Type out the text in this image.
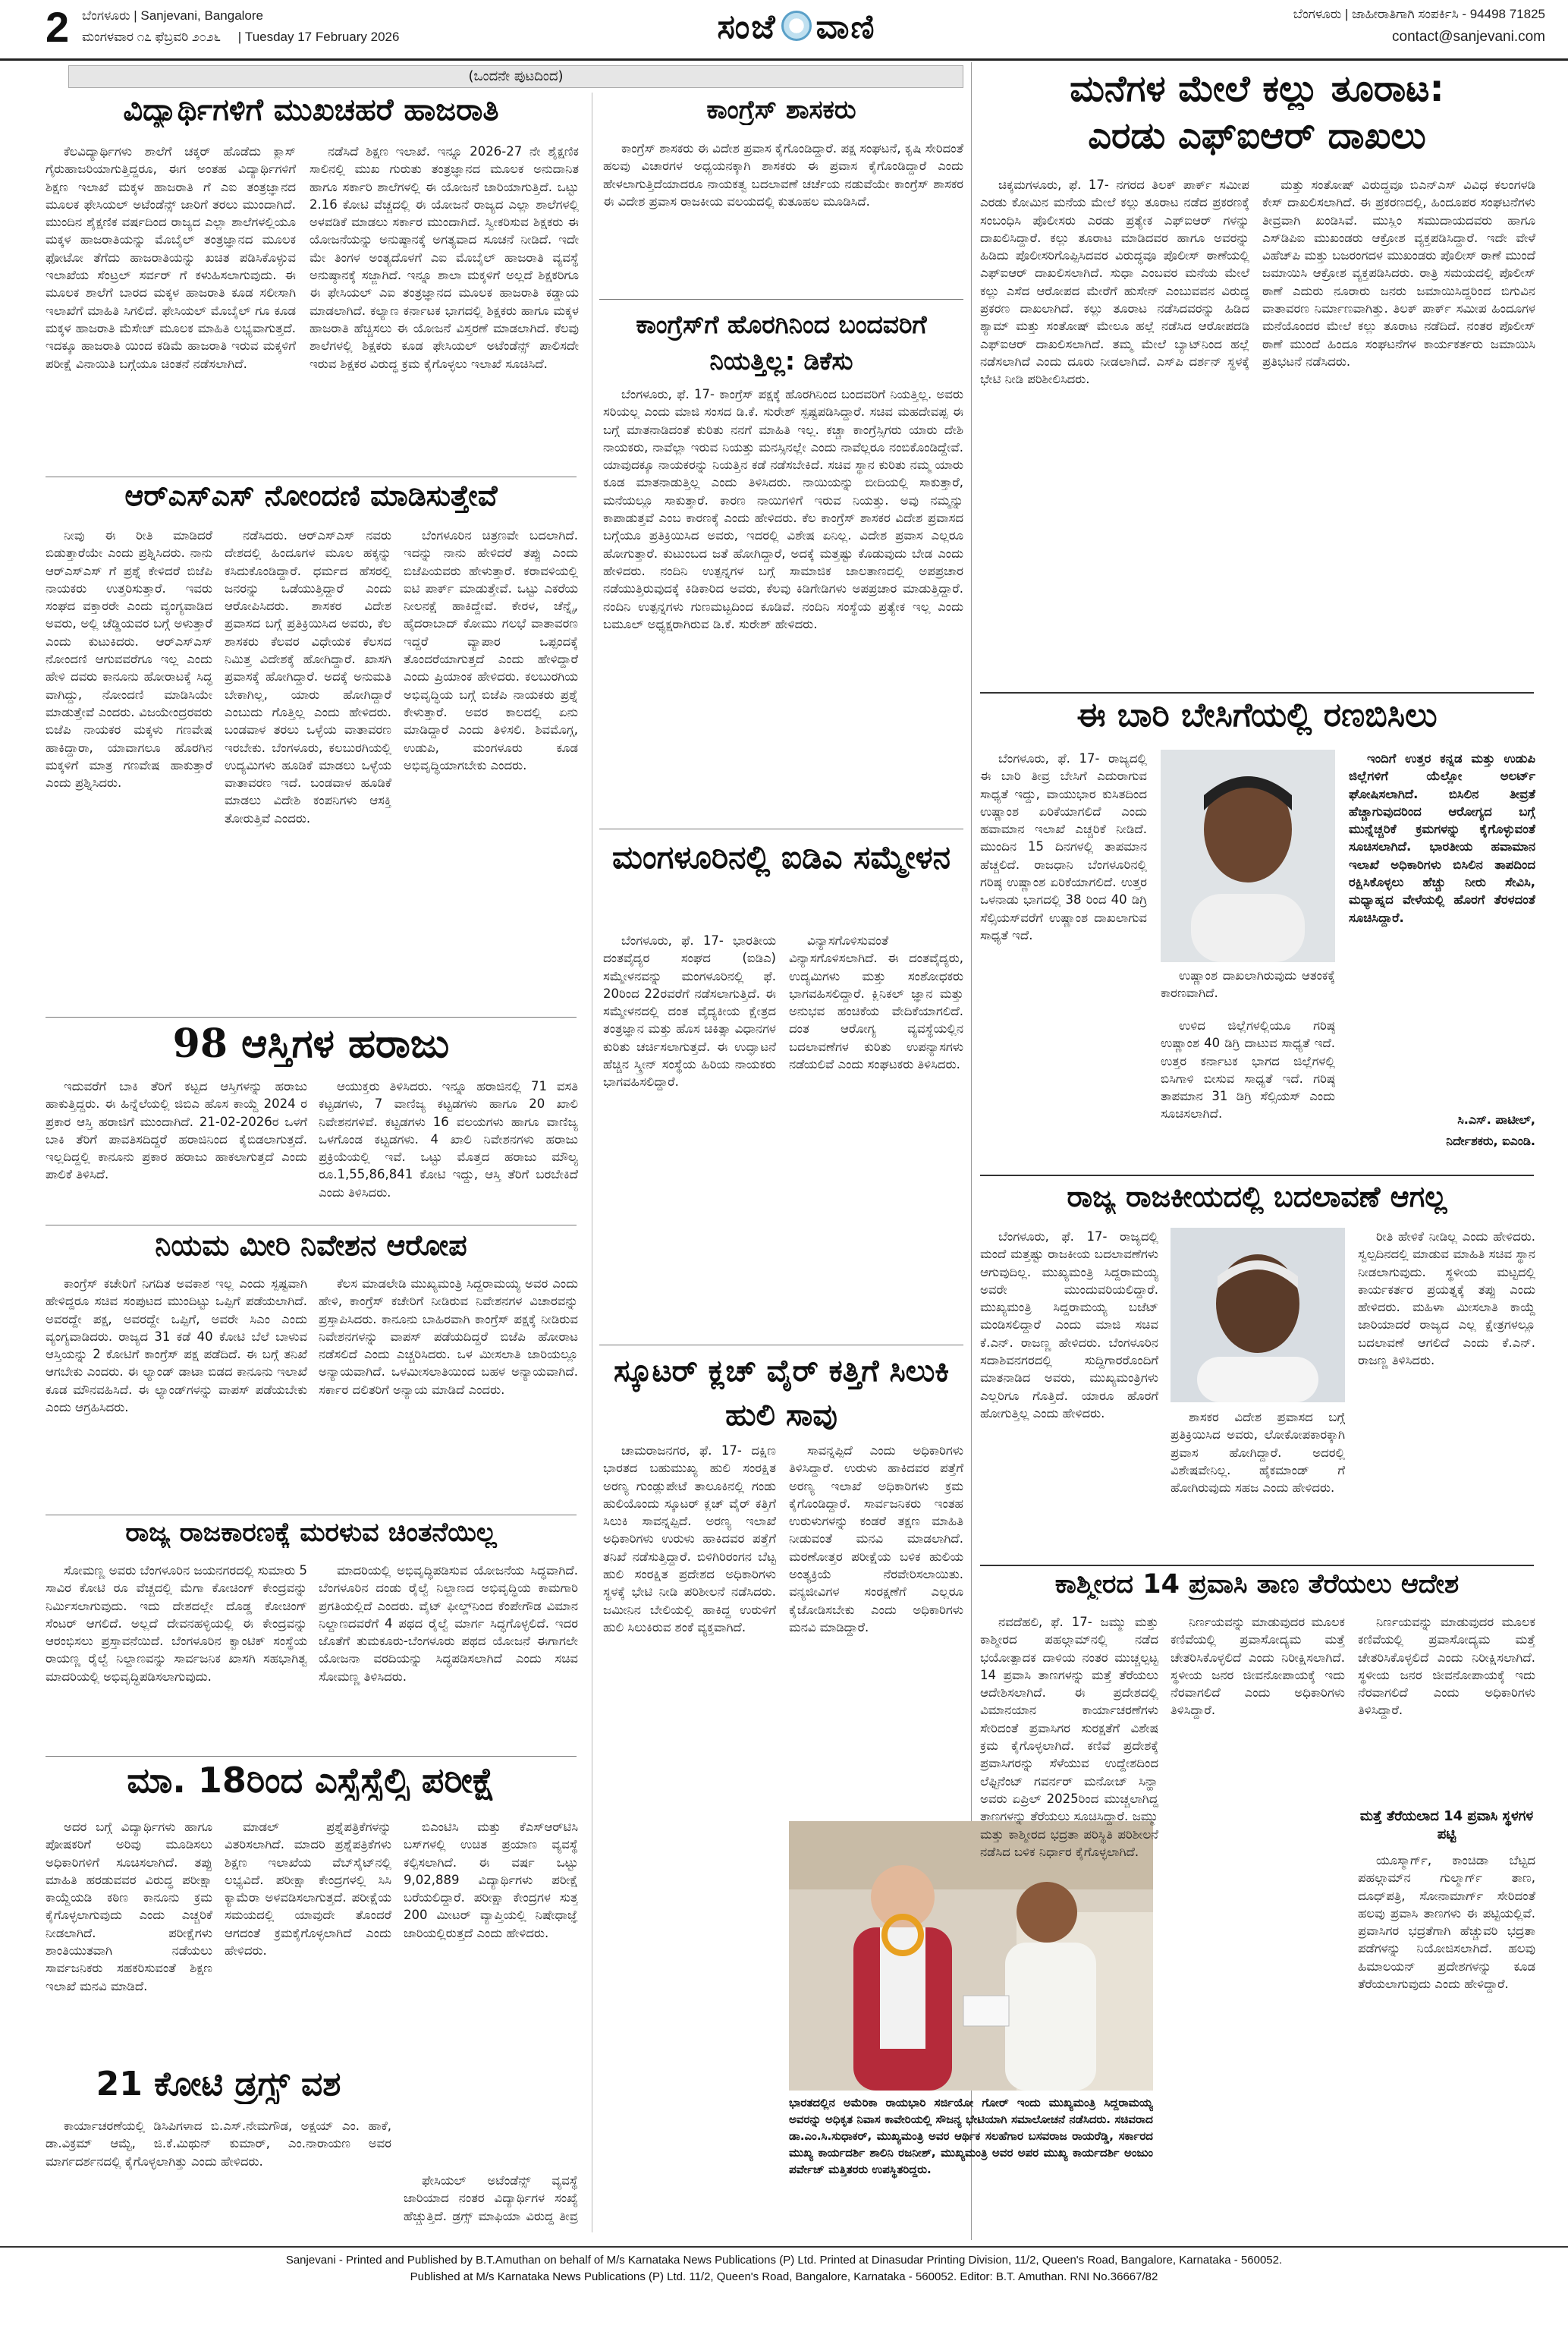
2 ಬೆಂಗಳೂರು | Sanjevani, Bangalore
ಮಂಗಳವಾರ ೧೭ ಫೆಬ್ರವರಿ ೨೦೨೬ | Tuesday 17 February 2026	ಸಂಜೆ ವಾಣಿ	ಬೆಂಗಳೂರು | ಜಾಹೀರಾತಿಗಾಗಿ ಸಂಪರ್ಕಿಸಿ - 94498 71825
contact@sanjevani.com
(ಒಂದನೇ ಪುಟದಿಂದ)
ವಿದ್ಯಾರ್ಥಿಗಳಿಗೆ ಮುಖಚಹರೆ ಹಾಜರಾತಿ

ಕೆಲವಿದ್ಯಾರ್ಥಿಗಳು ಶಾಲೆಗೆ ಚಕ್ಕರ್ ಹೊಡೆದು ಕ್ಲಾಸ್ ಗೈರುಹಾಜರಿಯಾಗುತ್ತಿದ್ದರೂ, ಈಗ ಅಂತಹ ವಿದ್ಯಾರ್ಥಿಗಳಿಗೆ ಶಿಕ್ಷಣ ಇಲಾಖೆ ಮಕ್ಕಳ ಹಾಜರಾತಿ ಗೆ ಎಐ ತಂತ್ರಜ್ಞಾನದ ಮೂಲಕ ಫೇಸಿಯಲ್ ಅಟೆಂಡೆನ್ಸ್ ಜಾರಿಗೆ ತರಲು ಮುಂದಾಗಿದೆ. ಮುಂದಿನ ಶೈಕ್ಷಣಿಕ ವರ್ಷದಿಂದ ರಾಜ್ಯದ ಎಲ್ಲಾ ಶಾಲೆಗಳಲ್ಲಿಯೂ ಮಕ್ಕಳ ಹಾಜರಾತಿಯನ್ನು ಮೊಬೈಲ್ ತಂತ್ರಜ್ಞಾನದ ಮೂಲಕ ಫೋಟೋ ತೆಗೆದು ಹಾಜರಾತಿಯನ್ನು ಖಚಿತ ಪಡಿಸಿಕೊಳ್ಳುವ ಇಲಾಖೆಯ ಸೆಂಟ್ರಲ್ ಸರ್ವರ್ ಗೆ ಕಳುಹಿಸಲಾಗುವುದು. ಈ ಮೂಲಕ ಶಾಲೆಗೆ ಬಾರದ ಮಕ್ಕಳ ಹಾಜರಾತಿ ಕೂಡ ಸಲೀಸಾಗಿ ಇಲಾಖೆಗೆ ಮಾಹಿತಿ ಸಿಗಲಿದೆ. ಫೇಸಿಯಲ್ ಮೊಬೈಲ್ ಗೂ ಕೂಡ ಮಕ್ಕಳ ಹಾಜರಾತಿ ಮೆಸೇಜ್ ಮೂಲಕ ಮಾಹಿತಿ ಲಭ್ಯವಾಗುತ್ತದೆ. ಇದಕ್ಕೂ ಹಾಜರಾತಿ ಯಿಂದ ಕಡಿಮೆ ಹಾಜರಾತಿ ಇರುವ ಮಕ್ಕಳಿಗೆ ಪರೀಕ್ಷೆ ವಿನಾಯಿತಿ ಬಗ್ಗೆಯೂ ಚಿಂತನೆ ನಡೆಸಲಾಗಿದೆ.

ನಡೆಸಿದೆ ಶಿಕ್ಷಣ ಇಲಾಖೆ. ಇನ್ನೂ 2026-27 ನೇ ಶೈಕ್ಷಣಿಕ ಸಾಲಿನಲ್ಲಿ ಮುಖ ಗುರುತು ತಂತ್ರಜ್ಞಾನದ ಮೂಲಕ ಅನುದಾನಿತ ಹಾಗೂ ಸರ್ಕಾರಿ ಶಾಲೆಗಳಲ್ಲಿ ಈ ಯೋಜನೆ ಜಾರಿಯಾಗುತ್ತಿದೆ. ಒಟ್ಟು 2.16 ಕೋಟಿ ವೆಚ್ಚದಲ್ಲಿ ಈ ಯೋಜನೆ ರಾಜ್ಯದ ಎಲ್ಲಾ ಶಾಲೆಗಳಲ್ಲಿ ಅಳವಡಿಕೆ ಮಾಡಲು ಸರ್ಕಾರ ಮುಂದಾಗಿದೆ. ಸ್ವೀಕರಿಸುವ ಶಿಕ್ಷಕರು ಈ ಯೋಜನೆಯನ್ನು ಅನುಷ್ಠಾನಕ್ಕೆ ಅಗತ್ಯವಾದ ಸೂಚನೆ ನೀಡಿದೆ. ಇದೇ ಮೇ ತಿಂಗಳ ಅಂತ್ಯದೊಳಗೆ ಎಐ ಮೊಬೈಲ್ ಹಾಜರಾತಿ ವ್ಯವಸ್ಥೆ ಅನುಷ್ಠಾನಕ್ಕೆ ಸಜ್ಜಾಗಿದೆ. ಇನ್ನೂ ಶಾಲಾ ಮಕ್ಕಳಿಗೆ ಅಲ್ಲದೆ ಶಿಕ್ಷಕರಿಗೂ ಈ ಫೇಸಿಯಲ್ ಎಐ ತಂತ್ರಜ್ಞಾನದ ಮೂಲಕ ಹಾಜರಾತಿ ಕಡ್ಡಾಯ ಮಾಡಲಾಗಿದೆ. ಕಲ್ಯಾಣ ಕರ್ನಾಟಕ ಭಾಗದಲ್ಲಿ ಶಿಕ್ಷಕರು ಹಾಗೂ ಮಕ್ಕಳ ಹಾಜರಾತಿ ಹೆಚ್ಚಿಸಲು ಈ ಯೋಜನೆ ವಿಸ್ತರಣೆ ಮಾಡಲಾಗಿದೆ. ಕೆಲವು ಶಾಲೆಗಳಲ್ಲಿ ಶಿಕ್ಷಕರು ಕೂಡ ಫೇಸಿಯಲ್ ಅಟೆಂಡೆನ್ಸ್ ಪಾಲಿಸದೇ ಇರುವ ಶಿಕ್ಷಕರ ವಿರುದ್ಧ ಕ್ರಮ ಕೈಗೊಳ್ಳಲು ಇಲಾಖೆ ಸೂಚಿಸಿದೆ.

ಆರ್‌ಎಸ್‌ಎಸ್ ನೋಂದಣಿ ಮಾಡಿಸುತ್ತೇವೆ

ನೀವು ಈ ರೀತಿ ಮಾಡಿದರೆ ಬಿಡುತ್ತಾರೆಯೇ ಎಂದು ಪ್ರಶ್ನಿಸಿದರು. ನಾನು ಆರ್‌ಎಸ್‌ಎಸ್ ಗೆ ಪ್ರಶ್ನೆ ಕೇಳಿದರೆ ಬಿಜೆಪಿ ನಾಯಕರು ಉತ್ತರಿಸುತ್ತಾರೆ. ಇವರು ಸಂಘದ ವಕ್ತಾರರೇ ಎಂದು ವ್ಯಂಗ್ಯವಾಡಿದ ಅವರು, ಅಲ್ಲಿ ಚೆಡ್ಡಿಯವರ ಬಗ್ಗೆ ಅಳುತ್ತಾರೆ ಎಂದು ಕುಟುಕಿದರು. ಆರ್‌ಎಸ್‌ಎಸ್ ನೋಂದಣಿ ಆಗುವವರೆಗೂ ಇಲ್ಲ ಎಂದು ಹೇಳಿ ದವರು ಕಾನೂನು ಹೋರಾಟಕ್ಕೆ ಸಿದ್ಧ ವಾಗಿದ್ದು, ನೋಂದಣಿ ಮಾಡಿಸಿಯೇ ಮಾಡುತ್ತೇವೆ ಎಂದರು. ವಿಜಯೇಂದ್ರರವರು ಬಿಜೆಪಿ ನಾಯಕರ ಮಕ್ಕಳು ಗಣವೇಷ ಹಾಕಿದ್ದಾರಾ, ಯಾವಾಗಲೂ ಹೊರಗಿನ ಮಕ್ಕಳಿಗೆ ಮಾತ್ರ ಗಣವೇಷ ಹಾಕುತ್ತಾರೆ ಎಂದು ಪ್ರಶ್ನಿಸಿದರು.

ನಡೆಸಿದರು. ಆರ್‌ಎಸ್‌ಎಸ್ ನವರು ದೇಶದಲ್ಲಿ ಹಿಂದೂಗಳ ಮೂಲ ಹಕ್ಕನ್ನು ಕಸಿದುಕೊಂಡಿದ್ದಾರೆ. ಧರ್ಮದ ಹೆಸರಲ್ಲಿ ಜನರನ್ನು ಒಡೆಯುತ್ತಿದ್ದಾರೆ ಎಂದು ಆರೋಪಿಸಿದರು. ಶಾಸಕರ ವಿದೇಶ ಪ್ರವಾಸದ ಬಗ್ಗೆ ಪ್ರತಿಕ್ರಿಯಿಸಿದ ಅವರು, ಕೆಲ ಶಾಸಕರು ಕೆಲವರ ವಿಧೇಯಕ ಕೆಲಸದ ನಿಮಿತ್ತ ವಿದೇಶಕ್ಕೆ ಹೋಗಿದ್ದಾರೆ. ಖಾಸಗಿ ಪ್ರವಾಸಕ್ಕೆ ಹೋಗಿದ್ದಾರೆ. ಅದಕ್ಕೆ ಅನುಮತಿ ಬೇಕಾಗಿಲ್ಲ, ಯಾರು ಹೋಗಿದ್ದಾರೆ ಎಂಬುದು ಗೊತ್ತಿಲ್ಲ ಎಂದು ಹೇಳಿದರು. ಬಂಡವಾಳ ತರಲು ಒಳ್ಳೆಯ ವಾತಾವರಣ ಇರಬೇಕು. ಬೆಂಗಳೂರು, ಕಲಬುರಗಿಯಲ್ಲಿ ಉದ್ಯಮಿಗಳು ಹೂಡಿಕೆ ಮಾಡಲು ಒಳ್ಳೆಯ ವಾತಾವರಣ ಇದೆ. ಬಂಡವಾಳ ಹೂಡಿಕೆ ಮಾಡಲು ವಿದೇಶಿ ಕಂಪನಿಗಳು ಆಸಕ್ತಿ ತೋರುತ್ತಿವೆ ಎಂದರು.

ಬೆಂಗಳೂರಿನ ಚಿತ್ರಣವೇ ಬದಲಾಗಿದೆ. ಇದನ್ನು ನಾನು ಹೇಳಿದರೆ ತಪ್ಪು ಎಂದು ಬಿಜೆಪಿಯವರು ಹೇಳುತ್ತಾರೆ. ಕರಾವಳಿಯಲ್ಲಿ ಐಟಿ ಪಾರ್ಕ್ ಮಾಡುತ್ತೇವೆ. ಒಟ್ಟು ಎಕರೆಯ ನೀಲನಕ್ಷೆ ಹಾಕಿದ್ದೇವೆ. ಕೇರಳ, ಚೆನ್ನೈ, ಹೈದರಾಬಾದ್ ಕೋಮು ಗಲಭೆ ವಾತಾವರಣ ಇದ್ದರೆ ವ್ಯಾಪಾರ ಒಪ್ಪಂದಕ್ಕೆ ತೊಂದರೆಯಾಗುತ್ತದೆ ಎಂದು ಹೇಳಿದ್ದಾರೆ ಎಂದು ಪ್ರಿಯಾಂಕ ಹೇಳಿದರು. ಕಲಬುರಗಿಯ ಅಭಿವೃದ್ಧಿಯ ಬಗ್ಗೆ ಬಿಜೆಪಿ ನಾಯಕರು ಪ್ರಶ್ನೆ ಕೇಳುತ್ತಾರೆ. ಅವರ ಕಾಲದಲ್ಲಿ ಏನು ಮಾಡಿದ್ದಾರೆ ಎಂದು ತಿಳಿಸಲಿ. ಶಿವಮೊಗ್ಗ, ಉಡುಪಿ, ಮಂಗಳೂರು ಕೂಡ ಅಭಿವೃದ್ಧಿಯಾಗಬೇಕು ಎಂದರು.

98 ಆಸ್ತಿಗಳ ಹರಾಜು

ಇದುವರೆಗೆ ಬಾಕಿ ತೆರಿಗೆ ಕಟ್ಟದ ಆಸ್ತಿಗಳನ್ನು ಹರಾಜು ಹಾಕುತ್ತಿದ್ದರು. ಈ ಹಿನ್ನೆಲೆಯಲ್ಲಿ ಜಿಬಿಎ ಹೊಸ ಕಾಯ್ದೆ 2024 ರ ಪ್ರಕಾರ ಆಸ್ತಿ ಹರಾಜಿಗೆ ಮುಂದಾಗಿದೆ. 21-02-2026ರ ಒಳಗೆ ಬಾಕಿ ತೆರಿಗೆ ಪಾವತಿಸದಿದ್ದರೆ ಹರಾಜಿನಿಂದ ಕೈಬಿಡಲಾಗುತ್ತದೆ. ಇಲ್ಲದಿದ್ದಲ್ಲಿ ಕಾನೂನು ಪ್ರಕಾರ ಹರಾಜು ಹಾಕಲಾಗುತ್ತದೆ ಎಂದು ಪಾಲಿಕೆ ತಿಳಿಸಿದೆ.

ಆಯುಕ್ತರು ತಿಳಿಸಿದರು. ಇನ್ನೂ ಹರಾಜಿನಲ್ಲಿ 71 ವಸತಿ ಕಟ್ಟಡಗಳು, 7 ವಾಣಿಜ್ಯ ಕಟ್ಟಡಗಳು ಹಾಗೂ 20 ಖಾಲಿ ನಿವೇಶನಗಳಿವೆ. ಕಟ್ಟಡಗಳು 16 ವಲಯಗಳು ಹಾಗೂ ವಾಣಿಜ್ಯ ಒಳಗೊಂಡ ಕಟ್ಟಡಗಳು. 4 ಖಾಲಿ ನಿವೇಶನಗಳು ಹರಾಜು ಪ್ರಕ್ರಿಯೆಯಲ್ಲಿ ಇವೆ. ಒಟ್ಟು ಮೊತ್ತದ ಹರಾಜು ಮೌಲ್ಯ ರೂ.1,55,86,841 ಕೋಟಿ ಇದ್ದು, ಆಸ್ತಿ ತೆರಿಗೆ ಬರಬೇಕಿದೆ ಎಂದು ತಿಳಿಸಿದರು.

ನಿಯಮ ಮೀರಿ ನಿವೇಶನ ಆರೋಪ

ಕಾಂಗ್ರೆಸ್ ಕಚೇರಿಗೆ ನಿಗದಿತ ಅವಕಾಶ ಇಲ್ಲ ಎಂದು ಸ್ಪಷ್ಟವಾಗಿ ಹೇಳಿದ್ದರೂ ಸಚಿವ ಸಂಪುಟದ ಮುಂದಿಟ್ಟು ಒಪ್ಪಿಗೆ ಪಡೆಯಲಾಗಿದೆ. ಅವರದ್ದೇ ಪಕ್ಷ, ಅವರದ್ದೇ ಒಪ್ಪಿಗೆ, ಅವರೇ ಸಿಎಂ ಎಂದು ವ್ಯಂಗ್ಯವಾಡಿದರು. ರಾಜ್ಯದ 31 ಕಡೆ 40 ಕೋಟಿ ಬೆಲೆ ಬಾಳುವ ಆಸ್ತಿಯನ್ನು 2 ಕೋಟಿಗೆ ಕಾಂಗ್ರೆಸ್ ಪಕ್ಷ ಪಡೆದಿದೆ. ಈ ಬಗ್ಗೆ ತನಿಖೆ ಆಗಬೇಕು ಎಂದರು. ಈ ಲ್ಯಾಂಡ್ ಡಾಟಾ ಬಿಡದ ಕಾನೂನು ಇಲಾಖೆ ಕೂಡ ಮೌನವಹಿಸಿದೆ. ಈ ಲ್ಯಾಂಡ್‌ಗಳನ್ನು ವಾಪಸ್ ಪಡೆಯಬೇಕು ಎಂದು ಆಗ್ರಹಿಸಿದರು.

ಕೆಲಸ ಮಾಡಲೇಡಿ ಮುಖ್ಯಮಂತ್ರಿ ಸಿದ್ದರಾಮಯ್ಯ ಅವರ ಎಂದು ಹೇಳಿ, ಕಾಂಗ್ರೆಸ್ ಕಚೇರಿಗೆ ನೀಡಿರುವ ನಿವೇಶನಗಳ ವಿಚಾರವನ್ನು ಪ್ರಸ್ತಾಪಿಸಿದರು. ಕಾನೂನು ಬಾಹಿರವಾಗಿ ಕಾಂಗ್ರೆಸ್ ಪಕ್ಷಕ್ಕೆ ನೀಡಿರುವ ನಿವೇಶನಗಳನ್ನು ವಾಪಸ್ ಪಡೆಯದಿದ್ದರೆ ಬಿಜೆಪಿ ಹೋರಾಟ ನಡೆಸಲಿದೆ ಎಂದು ಎಚ್ಚರಿಸಿದರು. ಒಳ ಮೀಸಲಾತಿ ಜಾರಿಯಲ್ಲೂ ಅನ್ಯಾಯವಾಗಿದೆ. ಒಳಮೀಸಲಾತಿಯಿಂದ ಬಹಳ ಅನ್ಯಾಯವಾಗಿದೆ. ಸರ್ಕಾರ ದಲಿತರಿಗೆ ಅನ್ಯಾಯ ಮಾಡಿದೆ ಎಂದರು.

ರಾಜ್ಯ ರಾಜಕಾರಣಕ್ಕೆ ಮರಳುವ ಚಿಂತನೆಯಿಲ್ಲ

ಸೋಮಣ್ಣ ಅವರು ಬೆಂಗಳೂರಿನ ಜಯನಗರದಲ್ಲಿ ಸುಮಾರು 5 ಸಾವಿರ ಕೋಟಿ ರೂ ವೆಚ್ಚದಲ್ಲಿ ಮೆಗಾ ಕೋಚಿಂಗ್ ಕೇಂದ್ರವನ್ನು ನಿರ್ಮಿಸಲಾಗುವುದು. ಇದು ದೇಶದಲ್ಲೇ ದೊಡ್ಡ ಕೋಚಿಂಗ್ ಸೆಂಟರ್ ಆಗಲಿದೆ. ಅಲ್ಲದೆ ದೇವನಹಳ್ಳಿಯಲ್ಲಿ ಈ ಕೇಂದ್ರವನ್ನು ಆರಂಭಿಸಲು ಪ್ರಸ್ತಾವನೆಯಿದೆ. ಬೆಂಗಳೂರಿನ ಕ್ವಾಂಟಿಕ್ ಸಂಸ್ಥೆಯ ರಾಯಣ್ಣ ರೈಲ್ವೆ ನಿಲ್ದಾಣವನ್ನು ಸಾರ್ವಜನಿಕ ಖಾಸಗಿ ಸಹಭಾಗಿತ್ವ ಮಾದರಿಯಲ್ಲಿ ಅಭಿವೃದ್ಧಿಪಡಿಸಲಾಗುವುದು.

ಮಾದರಿಯಲ್ಲಿ ಅಭಿವೃದ್ಧಿಪಡಿಸುವ ಯೋಜನೆಯ ಸಿದ್ಧವಾಗಿದೆ. ಬೆಂಗಳೂರಿನ ದಂಡು ರೈಲ್ವೆ ನಿಲ್ದಾಣದ ಅಭಿವೃದ್ಧಿಯ ಕಾಮಗಾರಿ ಪ್ರಗತಿಯಲ್ಲಿದೆ ಎಂದರು. ವೈಟ್ ಫೀಲ್ಡ್‌ನಿಂದ ಕೆಂಪೇಗೌಡ ವಿಮಾನ ನಿಲ್ದಾಣದವರೆಗೆ 4 ಪಥದ ರೈಲ್ವೆ ಮಾರ್ಗ ಸಿದ್ಧಗೊಳ್ಳಲಿದೆ. ಇದರ ಜೊತೆಗೆ ತುಮಕೂರು-ಬೆಂಗಳೂರು ಪಥದ ಯೋಜನೆ ಈಗಾಗಲೇ ಯೋಜನಾ ವರದಿಯನ್ನು ಸಿದ್ಧಪಡಿಸಲಾಗಿದೆ ಎಂದು ಸಚಿವ ಸೋಮಣ್ಣ ತಿಳಿಸಿದರು.

ಮಾ. 18ರಿಂದ ಎಸ್ಸೆಸ್ಸೆಲ್ಸಿ ಪರೀಕ್ಷೆ

ಅದರ ಬಗ್ಗೆ ವಿದ್ಯಾರ್ಥಿಗಳು ಹಾಗೂ ಪೋಷಕರಿಗೆ ಅರಿವು ಮೂಡಿಸಲು ಅಧಿಕಾರಿಗಳಿಗೆ ಸೂಚಿಸಲಾಗಿದೆ. ತಪ್ಪು ಮಾಹಿತಿ ಹರಡುವವರ ವಿರುದ್ಧ ಪರೀಕ್ಷಾ ಕಾಯ್ದೆಯಡಿ ಕಠಿಣ ಕಾನೂನು ಕ್ರಮ ಕೈಗೊಳ್ಳಲಾಗುವುದು ಎಂದು ಎಚ್ಚರಿಕೆ ನೀಡಲಾಗಿದೆ. ಪರೀಕ್ಷೆಗಳು ಶಾಂತಿಯುತವಾಗಿ ನಡೆಯಲು ಸಾರ್ವಜನಿಕರು ಸಹಕರಿಸುವಂತೆ ಶಿಕ್ಷಣ ಇಲಾಖೆ ಮನವಿ ಮಾಡಿದೆ.

ಮಾಡಲ್ ಪ್ರಶ್ನೆಪತ್ರಿಕೆಗಳನ್ನು ವಿತರಿಸಲಾಗಿದೆ. ಮಾದರಿ ಪ್ರಶ್ನೆಪತ್ರಿಕೆಗಳು ಶಿಕ್ಷಣ ಇಲಾಖೆಯ ವೆಬ್‌ಸೈಟ್‌ನಲ್ಲಿ ಲಭ್ಯವಿದೆ. ಪರೀಕ್ಷಾ ಕೇಂದ್ರಗಳಲ್ಲಿ ಸಿಸಿ ಕ್ಯಾಮೆರಾ ಅಳವಡಿಸಲಾಗುತ್ತದೆ. ಪರೀಕ್ಷೆಯ ಸಮಯದಲ್ಲಿ ಯಾವುದೇ ತೊಂದರೆ ಆಗದಂತೆ ಕ್ರಮಕೈಗೊಳ್ಳಲಾಗಿದೆ ಎಂದು ಹೇಳಿದರು.

ಬಿಎಂಟಿಸಿ ಮತ್ತು ಕೆಎಸ್ಆರ್‌ಟಿಸಿ ಬಸ್‌ಗಳಲ್ಲಿ ಉಚಿತ ಪ್ರಯಾಣ ವ್ಯವಸ್ಥೆ ಕಲ್ಪಿಸಲಾಗಿದೆ. ಈ ವರ್ಷ ಒಟ್ಟು 9,02,889 ವಿದ್ಯಾರ್ಥಿಗಳು ಪರೀಕ್ಷೆ ಬರೆಯಲಿದ್ದಾರೆ. ಪರೀಕ್ಷಾ ಕೇಂದ್ರಗಳ ಸುತ್ತ 200 ಮೀಟರ್ ವ್ಯಾಪ್ತಿಯಲ್ಲಿ ನಿಷೇಧಾಜ್ಞೆ ಜಾರಿಯಲ್ಲಿರುತ್ತದೆ ಎಂದು ಹೇಳಿದರು.

21 ಕೋಟಿ ಡ್ರಗ್ಸ್ ವಶ

ಕಾರ್ಯಾಚರಣೆಯಲ್ಲಿ ಡಿಸಿಪಿಗಳಾದ ಬಿ.ಎಸ್.ನೇಮಗೌಡ, ಅಕ್ಷಯ್ ಎಂ. ಹಾಕೆ, ಡಾ.ವಿಕ್ರಮ್ ಆಮ್ಟೆ, ಜಿ.ಕೆ.ಮಿಥುನ್ ಕುಮಾರ್, ಎಂ.ನಾರಾಯಣ ಅವರ ಮಾರ್ಗದರ್ಶನದಲ್ಲಿ ಕೈಗೊಳ್ಳಲಾಗಿತ್ತು ಎಂದು ಹೇಳಿದರು.

ಫೇಸಿಯಲ್ ಅಟೆಂಡೆನ್ಸ್ ವ್ಯವಸ್ಥೆ ಜಾರಿಯಾದ ನಂತರ ವಿದ್ಯಾರ್ಥಿಗಳ ಸಂಖ್ಯೆ ಹೆಚ್ಚುತ್ತಿದೆ. ಡ್ರಗ್ಸ್ ಮಾಫಿಯಾ ವಿರುದ್ಧ ತೀವ್ರ

ಕಾಂಗ್ರೆಸ್ ಶಾಸಕರು

ಕಾಂಗ್ರೆಸ್ ಶಾಸಕರು ಈ ವಿದೇಶ ಪ್ರವಾಸ ಕೈಗೊಂಡಿದ್ದಾರೆ. ಪಕ್ಷ ಸಂಘಟನೆ, ಕೃಷಿ ಸೇರಿದಂತೆ ಹಲವು ವಿಚಾರಗಳ ಅಧ್ಯಯನಕ್ಕಾಗಿ ಶಾಸಕರು ಈ ಪ್ರವಾಸ ಕೈಗೊಂಡಿದ್ದಾರೆ ಎಂದು ಹೇಳಲಾಗುತ್ತಿದೆಯಾದರೂ ನಾಯಕತ್ವ ಬದಲಾವಣೆ ಚರ್ಚೆಯ ನಡುವೆಯೇ ಕಾಂಗ್ರೆಸ್ ಶಾಸಕರ ಈ ವಿದೇಶ ಪ್ರವಾಸ ರಾಜಕೀಯ ವಲಯದಲ್ಲಿ ಕುತೂಹಲ ಮೂಡಿಸಿದೆ.

ಕಾಂಗ್ರೆಸ್‌ಗೆ ಹೊರಗಿನಿಂದ ಬಂದವರಿಗೆ ನಿಯತ್ತಿಲ್ಲ: ಡಿಕೆಸು

ಬೆಂಗಳೂರು, ಫೆ. 17- ಕಾಂಗ್ರೆಸ್ ಪಕ್ಷಕ್ಕೆ ಹೊರಗಿನಿಂದ ಬಂದವರಿಗೆ ನಿಯತ್ತಿಲ್ಲ. ಅವರು ಸರಿಯಲ್ಲ ಎಂದು ಮಾಜಿ ಸಂಸದ ಡಿ.ಕೆ. ಸುರೇಶ್ ಸ್ಪಷ್ಟಪಡಿಸಿದ್ದಾರೆ. ಸಚಿವ ಮಹದೇವಪ್ಪ ಈ ಬಗ್ಗೆ ಮಾತನಾಡಿದಂತೆ ಕುರಿತು ನನಗೆ ಮಾಹಿತಿ ಇಲ್ಲ. ಕಚ್ಚಾ ಕಾಂಗ್ರೆಸ್ಸಿಗರು ಯಾರು ದೇಶಿ ನಾಯಕರು, ನಾವೆಲ್ಲಾ ಇರುವ ನಿಯತ್ತು ಮನಸ್ಸಿನಲ್ಲೇ ಎಂದು ನಾವೆಲ್ಲರೂ ನಂಬಿಕೊಂಡಿದ್ದೇವೆ. ಯಾವುದಕ್ಕೂ ನಾಯಕರನ್ನು ನಿಯತ್ತಿನ ಕಡೆ ನಡೆಸಬೇಕಿದೆ. ಸಚಿವ ಸ್ಥಾನ ಕುರಿತು ನಮ್ಮ ಯಾರು ಕೂಡ ಮಾತನಾಡುತ್ತಿಲ್ಲ ಎಂದು ತಿಳಿಸಿದರು. ನಾಯಿಯನ್ನು ಬೀದಿಯಲ್ಲಿ ಸಾಕುತ್ತಾರೆ, ಮನೆಯಲ್ಲೂ ಸಾಕುತ್ತಾರೆ. ಕಾರಣ ನಾಯಿಗಳಿಗೆ ಇರುವ ನಿಯತ್ತು. ಅವು ನಮ್ಮನ್ನು ಕಾಪಾಡುತ್ತವೆ ಎಂಬ ಕಾರಣಕ್ಕೆ ಎಂದು ಹೇಳಿದರು. ಕೆಲ ಕಾಂಗ್ರೆಸ್ ಶಾಸಕರ ವಿದೇಶ ಪ್ರವಾಸದ ಬಗ್ಗೆಯೂ ಪ್ರತಿಕ್ರಿಯಿಸಿದ ಅವರು, ಇದರಲ್ಲಿ ವಿಶೇಷ ಏನಿಲ್ಲ. ವಿದೇಶ ಪ್ರವಾಸ ಎಲ್ಲರೂ ಹೋಗುತ್ತಾರೆ. ಕುಟುಂಬದ ಜತೆ ಹೋಗಿದ್ದಾರೆ, ಅದಕ್ಕೆ ಮತ್ತಷ್ಟು ಕೊಡುವುದು ಬೇಡ ಎಂದು ಹೇಳಿದರು. ನಂದಿನಿ ಉತ್ಪನ್ನಗಳ ಬಗ್ಗೆ ಸಾಮಾಜಿಕ ಜಾಲತಾಣದಲ್ಲಿ ಅಪಪ್ರಚಾರ ನಡೆಯುತ್ತಿರುವುದಕ್ಕೆ ಕಿಡಿಕಾರಿದ ಅವರು, ಕೆಲವು ಕಿಡಿಗೇಡಿಗಳು ಅಪಪ್ರಚಾರ ಮಾಡುತ್ತಿದ್ದಾರೆ. ನಂದಿನಿ ಉತ್ಪನ್ನಗಳು ಗುಣಮಟ್ಟದಿಂದ ಕೂಡಿವೆ. ನಂದಿನಿ ಸಂಸ್ಥೆಯ ಪ್ರತ್ಯೇಕ ಇಲ್ಲ ಎಂದು ಬಮೂಲ್ ಅಧ್ಯಕ್ಷರಾಗಿರುವ ಡಿ.ಕೆ. ಸುರೇಶ್ ಹೇಳಿದರು.

ಮಂಗಳೂರಿನಲ್ಲಿ ಐಡಿಎ ಸಮ್ಮೇಳನ

ಬೆಂಗಳೂರು, ಫೆ. 17- ಭಾರತೀಯ ದಂತವೈದ್ಯರ ಸಂಘದ (ಐಡಿಎ) ಸಮ್ಮೇಳನವನ್ನು ಮಂಗಳೂರಿನಲ್ಲಿ ಫೆ. 20ರಿಂದ 22ರವರೆಗೆ ನಡೆಸಲಾಗುತ್ತಿದೆ. ಈ ಸಮ್ಮೇಳನದಲ್ಲಿ ದಂತ ವೈದ್ಯಕೀಯ ಕ್ಷೇತ್ರದ ತಂತ್ರಜ್ಞಾನ ಮತ್ತು ಹೊಸ ಚಿಕಿತ್ಸಾ ವಿಧಾನಗಳ ಕುರಿತು ಚರ್ಚಿಸಲಾಗುತ್ತದೆ. ಈ ಉದ್ಘಾಟನೆ ಹೆಚ್ಚಿನ ಸ್ಕ್ರೀನ್ ಸಂಸ್ಥೆಯ ಹಿರಿಯ ನಾಯಕರು ಭಾಗವಹಿಸಲಿದ್ದಾರೆ.

ವಿನ್ಯಾಸಗೊಳಿಸುವಂತೆ ವಿನ್ಯಾಸಗೊಳಿಸಲಾಗಿದೆ. ಈ ದಂತವೈದ್ಯರು, ಉದ್ಯಮಿಗಳು ಮತ್ತು ಸಂಶೋಧಕರು ಭಾಗವಹಿಸಲಿದ್ದಾರೆ. ಕ್ಲಿನಿಕಲ್ ಜ್ಞಾನ ಮತ್ತು ಅನುಭವ ಹಂಚಿಕೆಯ ವೇದಿಕೆಯಾಗಲಿದೆ. ದಂತ ಆರೋಗ್ಯ ವ್ಯವಸ್ಥೆಯಲ್ಲಿನ ಬದಲಾವಣೆಗಳ ಕುರಿತು ಉಪನ್ಯಾಸಗಳು ನಡೆಯಲಿವೆ ಎಂದು ಸಂಘಟಕರು ತಿಳಿಸಿದರು.

ಸ್ಕೂಟರ್ ಕ್ಲಚ್ ವೈರ್ ಕತ್ತಿಗೆ ಸಿಲುಕಿ ಹುಲಿ ಸಾವು

ಚಾಮರಾಜನಗರ, ಫೆ. 17- ದಕ್ಷಿಣ ಭಾರತದ ಬಹುಮುಖ್ಯ ಹುಲಿ ಸಂರಕ್ಷಿತ ಅರಣ್ಯ ಗುಂಡ್ಲುಪೇಟೆ ತಾಲೂಕಿನಲ್ಲಿ ಗಂಡು ಹುಲಿಯೊಂದು ಸ್ಕೂಟರ್ ಕ್ಲಚ್ ವೈರ್ ಕತ್ತಿಗೆ ಸಿಲುಕಿ ಸಾವನ್ನಪ್ಪಿದೆ. ಅರಣ್ಯ ಇಲಾಖೆ ಅಧಿಕಾರಿಗಳು ಉರುಳು ಹಾಕಿದವರ ಪತ್ತೆಗೆ ತನಿಖೆ ನಡೆಸುತ್ತಿದ್ದಾರೆ. ಬಿಳಿಗಿರಿರಂಗನ ಬೆಟ್ಟ ಹುಲಿ ಸಂರಕ್ಷಿತ ಪ್ರದೇಶದ ಅಧಿಕಾರಿಗಳು ಸ್ಥಳಕ್ಕೆ ಭೇಟಿ ನೀಡಿ ಪರಿಶೀಲನೆ ನಡೆಸಿದರು. ಜಮೀನಿನ ಬೇಲಿಯಲ್ಲಿ ಹಾಕಿದ್ದ ಉರುಳಿಗೆ ಹುಲಿ ಸಿಲುಕಿರುವ ಶಂಕೆ ವ್ಯಕ್ತವಾಗಿದೆ.

ಸಾವನ್ನಪ್ಪಿದೆ ಎಂದು ಅಧಿಕಾರಿಗಳು ತಿಳಿಸಿದ್ದಾರೆ. ಉರುಳು ಹಾಕಿದವರ ಪತ್ತೆಗೆ ಅರಣ್ಯ ಇಲಾಖೆ ಅಧಿಕಾರಿಗಳು ಕ್ರಮ ಕೈಗೊಂಡಿದ್ದಾರೆ. ಸಾರ್ವಜನಿಕರು ಇಂತಹ ಉರುಳುಗಳನ್ನು ಕಂಡರೆ ತಕ್ಷಣ ಮಾಹಿತಿ ನೀಡುವಂತೆ ಮನವಿ ಮಾಡಲಾಗಿದೆ. ಮರಣೋತ್ತರ ಪರೀಕ್ಷೆಯ ಬಳಿಕ ಹುಲಿಯ ಅಂತ್ಯಕ್ರಿಯೆ ನೆರವೇರಿಸಲಾಯಿತು. ವನ್ಯಜೀವಿಗಳ ಸಂರಕ್ಷಣೆಗೆ ಎಲ್ಲರೂ ಕೈಜೋಡಿಸಬೇಕು ಎಂದು ಅಧಿಕಾರಿಗಳು ಮನವಿ ಮಾಡಿದ್ದಾರೆ.

ಭಾರತದಲ್ಲಿನ ಅಮೆರಿಕಾ ರಾಯಭಾರಿ ಸರ್ಜಿಯೋ ಗೋರ್ ಇಂದು ಮುಖ್ಯಮಂತ್ರಿ ಸಿದ್ದರಾಮಯ್ಯ ಅವರನ್ನು ಅಧಿಕೃತ ನಿವಾಸ ಕಾವೇರಿಯಲ್ಲಿ ಸೌಜನ್ಯ ಭೇಟಿಯಾಗಿ ಸಮಾಲೋಚನೆ ನಡೆಸಿದರು. ಸಚಿವರಾದ ಡಾ.ಎಂ.ಸಿ.ಸುಧಾಕರ್, ಮುಖ್ಯಮಂತ್ರಿ ಅವರ ಆರ್ಥಿಕ ಸಲಹೆಗಾರ ಬಸವರಾಜ ರಾಯರೆಡ್ಡಿ, ಸರ್ಕಾರದ ಮುಖ್ಯ ಕಾರ್ಯದರ್ಶಿ ಶಾಲಿನಿ ರಜನೀಶ್, ಮುಖ್ಯಮಂತ್ರಿ ಅವರ ಅಪರ ಮುಖ್ಯ ಕಾರ್ಯದರ್ಶಿ ಅಂಜುಂ ಪರ್ವೇಜ್ ಮತ್ತಿತರರು ಉಪಸ್ಥಿತರಿದ್ದರು.
ಮನೆಗಳ ಮೇಲೆ ಕಲ್ಲು ತೂರಾಟ:
ಎರಡು ಎಫ್‌ಐಆರ್ ದಾಖಲು

ಚಿಕ್ಕಮಗಳೂರು, ಫೆ. 17- ನಗರದ ತಿಲಕ್ ಪಾರ್ಕ್ ಸಮೀಪ ಎರಡು ಕೋಮಿನ ಮನೆಯ ಮೇಲೆ ಕಲ್ಲು ತೂರಾಟ ನಡೆದ ಪ್ರಕರಣಕ್ಕೆ ಸಂಬಂಧಿಸಿ ಪೊಲೀಸರು ಎರಡು ಪ್ರತ್ಯೇಕ ಎಫ್‌ಐಆರ್ ಗಳನ್ನು ದಾಖಲಿಸಿದ್ದಾರೆ. ಕಲ್ಲು ತೂರಾಟ ಮಾಡಿದವರ ಹಾಗೂ ಅವರನ್ನು ಹಿಡಿದು ಪೊಲೀಸರಿಗೊಪ್ಪಿಸಿದವರ ವಿರುದ್ಧವೂ ಪೊಲೀಸ್ ಠಾಣೆಯಲ್ಲಿ ಎಫ್‌ಐಆರ್ ದಾಖಲಿಸಲಾಗಿದೆ. ಸುಧಾ ಎಂಬವರ ಮನೆಯ ಮೇಲೆ ಕಲ್ಲು ಎಸೆದ ಆರೋಪದ ಮೇರೆಗೆ ಹುಸೇನ್ ಎಂಬುವವನ ವಿರುದ್ಧ ಪ್ರಕರಣ ದಾಖಲಾಗಿದೆ. ಕಲ್ಲು ತೂರಾಟ ನಡೆಸಿದವರನ್ನು ಹಿಡಿದ ಶ್ಯಾಮ್ ಮತ್ತು ಸಂತೋಷ್ ಮೇಲೂ ಹಲ್ಲೆ ನಡೆಸಿದ ಆರೋಪದಡಿ ಎಫ್‌ಐಆರ್ ದಾಖಲಿಸಲಾಗಿದೆ. ತಮ್ಮ ಮೇಲೆ ಬ್ಯಾಟ್‌ನಿಂದ ಹಲ್ಲೆ ನಡೆಸಲಾಗಿದೆ ಎಂದು ದೂರು ನೀಡಲಾಗಿದೆ. ಎಸ್‌ಪಿ ದರ್ಶನ್ ಸ್ಥಳಕ್ಕೆ ಭೇಟಿ ನೀಡಿ ಪರಿಶೀಲಿಸಿದರು.

ಮತ್ತು ಸಂತೋಷ್ ವಿರುದ್ಧವೂ ಬಿಎನ್‌ಎಸ್ ವಿವಿಧ ಕಲಂಗಳಡಿ ಕೇಸ್ ದಾಖಲಿಸಲಾಗಿದೆ. ಈ ಪ್ರಕರಣದಲ್ಲಿ, ಹಿಂದೂಪರ ಸಂಘಟನೆಗಳು ತೀವ್ರವಾಗಿ ಖಂಡಿಸಿವೆ. ಮುಸ್ಲಿಂ ಸಮುದಾಯದವರು ಹಾಗೂ ಎಸ್‌ಡಿಪಿಐ ಮುಖಂಡರು ಆಕ್ರೋಶ ವ್ಯಕ್ತಪಡಿಸಿದ್ದಾರೆ. ಇದೇ ವೇಳೆ ವಿಹೆಚ್‌ಪಿ ಮತ್ತು ಬಜರಂಗದಳ ಮುಖಂಡರು ಪೊಲೀಸ್ ಠಾಣೆ ಮುಂದೆ ಜಮಾಯಿಸಿ ಆಕ್ರೋಶ ವ್ಯಕ್ತಪಡಿಸಿದರು. ರಾತ್ರಿ ಸಮಯದಲ್ಲಿ ಪೊಲೀಸ್ ಠಾಣೆ ಎದುರು ನೂರಾರು ಜನರು ಜಮಾಯಿಸಿದ್ದರಿಂದ ಬಿಗುವಿನ ವಾತಾವರಣ ನಿರ್ಮಾಣವಾಗಿತ್ತು. ತಿಲಕ್ ಪಾರ್ಕ್ ಸಮೀಪ ಹಿಂದೂಗಳ ಮನೆಯೊಂದರ ಮೇಲೆ ಕಲ್ಲು ತೂರಾಟ ನಡೆದಿದೆ. ನಂತರ ಪೊಲೀಸ್ ಠಾಣೆ ಮುಂದೆ ಹಿಂದೂ ಸಂಘಟನೆಗಳ ಕಾರ್ಯಕರ್ತರು ಜಮಾಯಿಸಿ ಪ್ರತಿಭಟನೆ ನಡೆಸಿದರು.

ಈ ಬಾರಿ ಬೇಸಿಗೆಯಲ್ಲಿ ರಣಬಿಸಿಲು

ಬೆಂಗಳೂರು, ಫೆ. 17- ರಾಜ್ಯದಲ್ಲಿ ಈ ಬಾರಿ ತೀವ್ರ ಬೇಸಿಗೆ ಎದುರಾಗುವ ಸಾಧ್ಯತೆ ಇದ್ದು, ವಾಯುಭಾರ ಕುಸಿತದಿಂದ ಉಷ್ಣಾಂಶ ಏರಿಕೆಯಾಗಲಿದೆ ಎಂದು ಹವಾಮಾನ ಇಲಾಖೆ ಎಚ್ಚರಿಕೆ ನೀಡಿದೆ. ಮುಂದಿನ 15 ದಿನಗಳಲ್ಲಿ ತಾಪಮಾನ ಹೆಚ್ಚಲಿದೆ. ರಾಜಧಾನಿ ಬೆಂಗಳೂರಿನಲ್ಲಿ ಗರಿಷ್ಠ ಉಷ್ಣಾಂಶ ಏರಿಕೆಯಾಗಲಿದೆ. ಉತ್ತರ ಒಳನಾಡು ಭಾಗದಲ್ಲಿ 38 ರಿಂದ 40 ಡಿಗ್ರಿ ಸೆಲ್ಸಿಯಸ್‌ವರೆಗೆ ಉಷ್ಣಾಂಶ ದಾಖಲಾಗುವ ಸಾಧ್ಯತೆ ಇದೆ.

ಉಷ್ಣಾಂಶ ದಾಖಲಾಗಿರುವುದು ಆತಂಕಕ್ಕೆ ಕಾರಣವಾಗಿದೆ.

ಉಳಿದ ಜಿಲ್ಲೆಗಳಲ್ಲಿಯೂ ಗರಿಷ್ಠ ಉಷ್ಣಾಂಶ 40 ಡಿಗ್ರಿ ದಾಟುವ ಸಾಧ್ಯತೆ ಇದೆ. ಉತ್ತರ ಕರ್ನಾಟಕ ಭಾಗದ ಜಿಲ್ಲೆಗಳಲ್ಲಿ ಬಿಸಿಗಾಳಿ ಬೀಸುವ ಸಾಧ್ಯತೆ ಇದೆ. ಗರಿಷ್ಠ ತಾಪಮಾನ 31 ಡಿಗ್ರಿ ಸೆಲ್ಸಿಯಸ್ ಎಂದು ಸೂಚಿಸಲಾಗಿದೆ.

ಇಂದಿಗೆ ಉತ್ತರ ಕನ್ನಡ ಮತ್ತು ಉಡುಪಿ ಜಿಲ್ಲೆಗಳಿಗೆ ಯೆಲ್ಲೋ ಅಲರ್ಟ್ ಘೋಷಿಸಲಾಗಿದೆ. ಬಿಸಿಲಿನ ತೀವ್ರತೆ ಹೆಚ್ಚಾಗುವುದರಿಂದ ಆರೋಗ್ಯದ ಬಗ್ಗೆ ಮುನ್ನೆಚ್ಚರಿಕೆ ಕ್ರಮಗಳನ್ನು ಕೈಗೊಳ್ಳುವಂತೆ ಸೂಚಿಸಲಾಗಿದೆ. ಭಾರತೀಯ ಹವಾಮಾನ ಇಲಾಖೆ ಅಧಿಕಾರಿಗಳು ಬಿಸಿಲಿನ ತಾಪದಿಂದ ರಕ್ಷಿಸಿಕೊಳ್ಳಲು ಹೆಚ್ಚು ನೀರು ಸೇವಿಸಿ, ಮಧ್ಯಾಹ್ನದ ವೇಳೆಯಲ್ಲಿ ಹೊರಗೆ ತೆರಳದಂತೆ ಸೂಚಿಸಿದ್ದಾರೆ.

ಸಿ.ಎಸ್. ಪಾಟೀಲ್,
ನಿರ್ದೇಶಕರು, ಐಎಂಡಿ.
ರಾಜ್ಯ ರಾಜಕೀಯದಲ್ಲಿ ಬದಲಾವಣೆ ಆಗಲ್ಲ

ಬೆಂಗಳೂರು, ಫೆ. 17- ರಾಜ್ಯದಲ್ಲಿ ಮಂದೆ ಮತ್ತಷ್ಟು ರಾಜಕೀಯ ಬದಲಾವಣೆಗಳು ಆಗುವುದಿಲ್ಲ. ಮುಖ್ಯಮಂತ್ರಿ ಸಿದ್ದರಾಮಯ್ಯ ಅವರೇ ಮುಂದುವರಿಯಲಿದ್ದಾರೆ. ಮುಖ್ಯಮಂತ್ರಿ ಸಿದ್ದರಾಮಯ್ಯ ಬಜೆಟ್ ಮಂಡಿಸಲಿದ್ದಾರೆ ಎಂದು ಮಾಜಿ ಸಚಿವ ಕೆ.ಎನ್. ರಾಜಣ್ಣ ಹೇಳಿದರು. ಬೆಂಗಳೂರಿನ ಸದಾಶಿವನಗರದಲ್ಲಿ ಸುದ್ದಿಗಾರರೊಂದಿಗೆ ಮಾತನಾಡಿದ ಅವರು, ಮುಖ್ಯಮಂತ್ರಿಗಳು ಎಲ್ಲರಿಗೂ ಗೊತ್ತಿದೆ. ಯಾರೂ ಹೊರಗೆ ಹೋಗುತ್ತಿಲ್ಲ ಎಂದು ಹೇಳಿದರು.	ಶಾಸಕರ ವಿದೇಶ ಪ್ರವಾಸದ ಬಗ್ಗೆ ಪ್ರತಿಕ್ರಿಯಿಸಿದ ಅವರು, ಲೋಕೋಪಕಾರಕ್ಕಾಗಿ ಪ್ರವಾಸ ಹೋಗಿದ್ದಾರೆ. ಅದರಲ್ಲಿ ವಿಶೇಷವೇನಿಲ್ಲ. ಹೈಕಮಾಂಡ್ ಗೆ ಹೋಗಿರುವುದು ಸಹಜ ಎಂದು ಹೇಳಿದರು.

ರೀತಿ ಹೇಳಿಕೆ ನೀಡಿಲ್ಲ ಎಂದು ಹೇಳಿದರು. ಸ್ವಲ್ಪದಿನದಲ್ಲಿ ಮಾಡುವ ಮಾಹಿತಿ ಸಚಿವ ಸ್ಥಾನ ನೀಡಲಾಗುವುದು. ಸ್ಥಳೀಯ ಮಟ್ಟದಲ್ಲಿ ಕಾರ್ಯಕರ್ತರ ಪ್ರಯತ್ನಕ್ಕೆ ತಪ್ಪು ಎಂದು ಹೇಳಿದರು. ಮಹಿಳಾ ಮೀಸಲಾತಿ ಕಾಯ್ದೆ ಜಾರಿಯಾದರೆ ರಾಜ್ಯದ ಎಲ್ಲ ಕ್ಷೇತ್ರಗಳಲ್ಲೂ ಬದಲಾವಣೆ ಆಗಲಿದೆ ಎಂದು ಕೆ.ಎನ್. ರಾಜಣ್ಣ ತಿಳಿಸಿದರು.

ಕಾಶ್ಮೀರದ 14 ಪ್ರವಾಸಿ ತಾಣ ತೆರೆಯಲು ಆದೇಶ

ನವದೆಹಲಿ, ಫೆ. 17- ಜಮ್ಮು ಮತ್ತು ಕಾಶ್ಮೀರದ ಪಹಲ್ಗಾಮ್‌ನಲ್ಲಿ ನಡೆದ ಭಯೋತ್ಪಾದಕ ದಾಳಿಯ ನಂತರ ಮುಚ್ಚಲ್ಪಟ್ಟ 14 ಪ್ರವಾಸಿ ತಾಣಗಳನ್ನು ಮತ್ತೆ ತೆರೆಯಲು ಆದೇಶಿಸಲಾಗಿದೆ. ಈ ಪ್ರದೇಶದಲ್ಲಿ ವಿಮಾನಯಾನ ಕಾರ್ಯಾಚರಣೆಗಳು ಸೇರಿದಂತೆ ಪ್ರವಾಸಿಗರ ಸುರಕ್ಷತೆಗೆ ವಿಶೇಷ ಕ್ರಮ ಕೈಗೊಳ್ಳಲಾಗಿದೆ. ಕಣಿವೆ ಪ್ರದೇಶಕ್ಕೆ ಪ್ರವಾಸಿಗರನ್ನು ಸೆಳೆಯುವ ಉದ್ದೇಶದಿಂದ ಲೆಫ್ಟಿನೆಂಟ್ ಗವರ್ನರ್ ಮನೋಜ್ ಸಿನ್ಹಾ ಅವರು ಏಪ್ರಿಲ್ 2025ರಿಂದ ಮುಚ್ಚಲಾಗಿದ್ದ ತಾಣಗಳನ್ನು ತೆರೆಯಲು ಸೂಚಿಸಿದ್ದಾರೆ. ಜಮ್ಮು ಮತ್ತು ಕಾಶ್ಮೀರದ ಭದ್ರತಾ ಪರಿಸ್ಥಿತಿ ಪರಿಶೀಲನೆ ನಡೆಸಿದ ಬಳಿಕ ನಿರ್ಧಾರ ಕೈಗೊಳ್ಳಲಾಗಿದೆ.

ನಿರ್ಣಯವನ್ನು ಮಾಡುವುದರ ಮೂಲಕ ಕಣಿವೆಯಲ್ಲಿ ಪ್ರವಾಸೋದ್ಯಮ ಮತ್ತೆ ಚೇತರಿಸಿಕೊಳ್ಳಲಿದೆ ಎಂದು ನಿರೀಕ್ಷಿಸಲಾಗಿದೆ. ಸ್ಥಳೀಯ ಜನರ ಜೀವನೋಪಾಯಕ್ಕೆ ಇದು ನೆರವಾಗಲಿದೆ ಎಂದು ಅಧಿಕಾರಿಗಳು ತಿಳಿಸಿದ್ದಾರೆ.

ನಿರ್ಣಯವನ್ನು ಮಾಡುವುದರ ಮೂಲಕ ಕಣಿವೆಯಲ್ಲಿ ಪ್ರವಾಸೋದ್ಯಮ ಮತ್ತೆ ಚೇತರಿಸಿಕೊಳ್ಳಲಿದೆ ಎಂದು ನಿರೀಕ್ಷಿಸಲಾಗಿದೆ. ಸ್ಥಳೀಯ ಜನರ ಜೀವನೋಪಾಯಕ್ಕೆ ಇದು ನೆರವಾಗಲಿದೆ ಎಂದು ಅಧಿಕಾರಿಗಳು ತಿಳಿಸಿದ್ದಾರೆ.

ಮತ್ತೆ ತೆರೆಯಲಾದ 14 ಪ್ರವಾಸಿ ಸ್ಥಳಗಳ ಪಟ್ಟಿ

ಯೂಸ್ಮಾರ್ಗ್, ಕಾಂಚಿಡಾ ಬೆಟ್ಟದ ಪಹಲ್ಗಾಮ್‌ನ ಗುಲ್ಮಾರ್ಗ್ ತಾಣ, ದೂಧ್‌ಪತ್ರಿ, ಸೋನಾಮಾರ್ಗ್ ಸೇರಿದಂತೆ ಹಲವು ಪ್ರವಾಸಿ ತಾಣಗಳು ಈ ಪಟ್ಟಿಯಲ್ಲಿವೆ. ಪ್ರವಾಸಿಗರ ಭದ್ರತೆಗಾಗಿ ಹೆಚ್ಚುವರಿ ಭದ್ರತಾ ಪಡೆಗಳನ್ನು ನಿಯೋಜಿಸಲಾಗಿದೆ. ಹಲವು ಹಿಮಾಲಯನ್ ಪ್ರದೇಶಗಳನ್ನು ಕೂಡ ತೆರೆಯಲಾಗುವುದು ಎಂದು ಹೇಳಿದ್ದಾರೆ.

Sanjevani - Printed and Published by B.T.Amuthan on behalf of M/s Karnataka News Publications (P) Ltd. Printed at Dinasudar Printing Division, 11/2, Queen's Road, Bangalore, Karnataka - 560052.
Published at M/s Karnataka News Publications (P) Ltd. 11/2, Queen's Road, Bangalore, Karnataka - 560052. Editor: B.T. Amuthan. RNI No.36667/82
